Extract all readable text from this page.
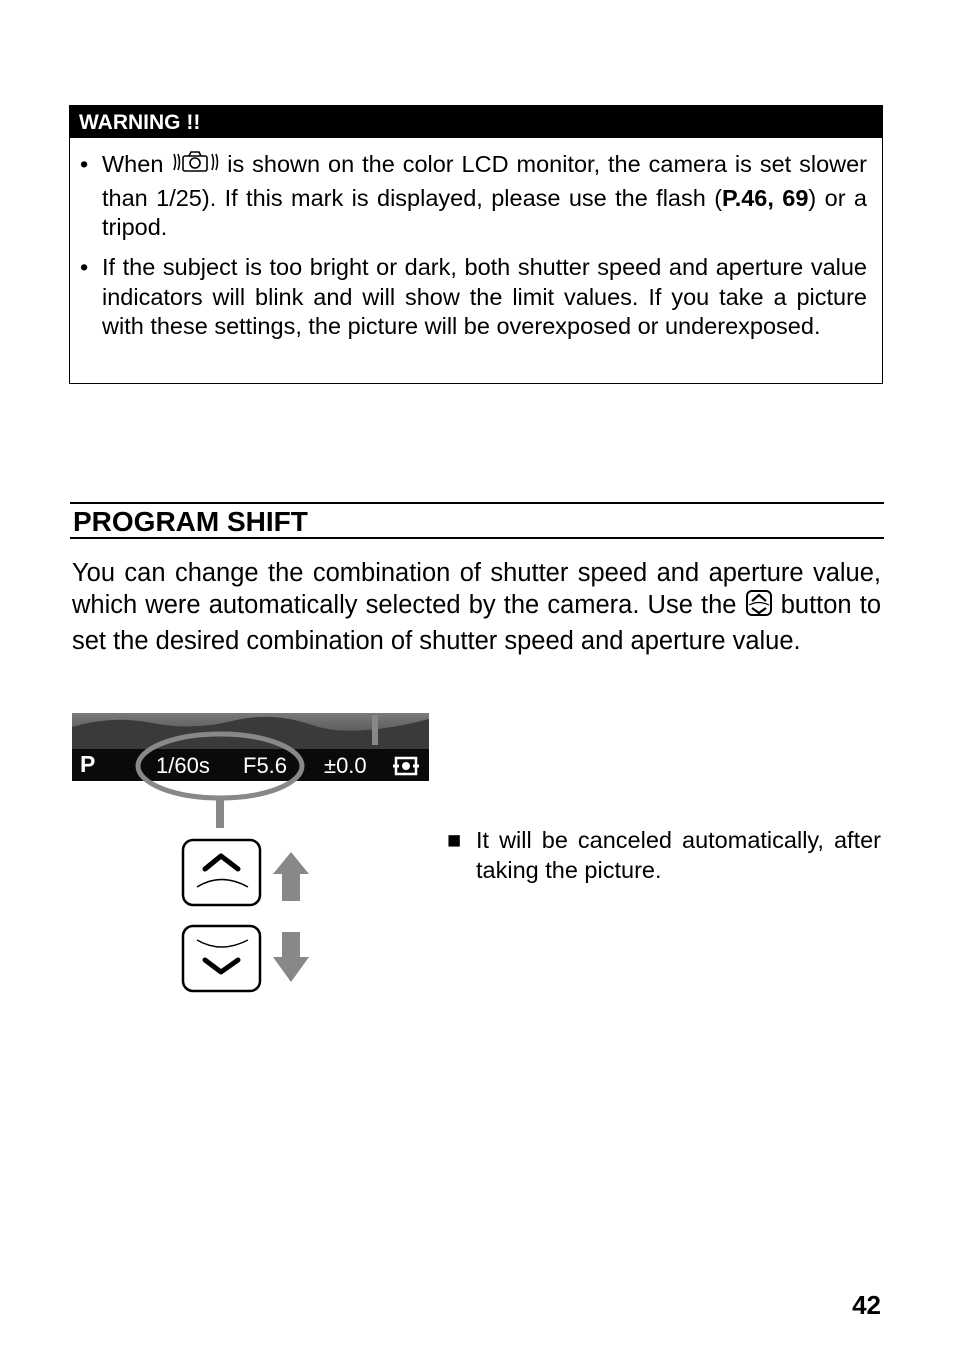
WARNING !!
• When	is shown on the color LCD monitor, the camera is set slower than 1/25). If this mark is displayed, please use the flash (P.46, 69) or a tripod.
• If the subject is too bright or dark, both shutter speed and aperture value indicators will blink and will show the limit values. If you take a picture with these settings, the picture will be overexposed or underexposed.
PROGRAM SHIFT
You can change the combination of shutter speed and aperture value, which were automatically selected by the camera. Use the button to set the desired combination of shutter speed and aperture value.
P	1/60s F5.6 ±0.0
■ It will be canceled automatically, after taking the picture.
42
